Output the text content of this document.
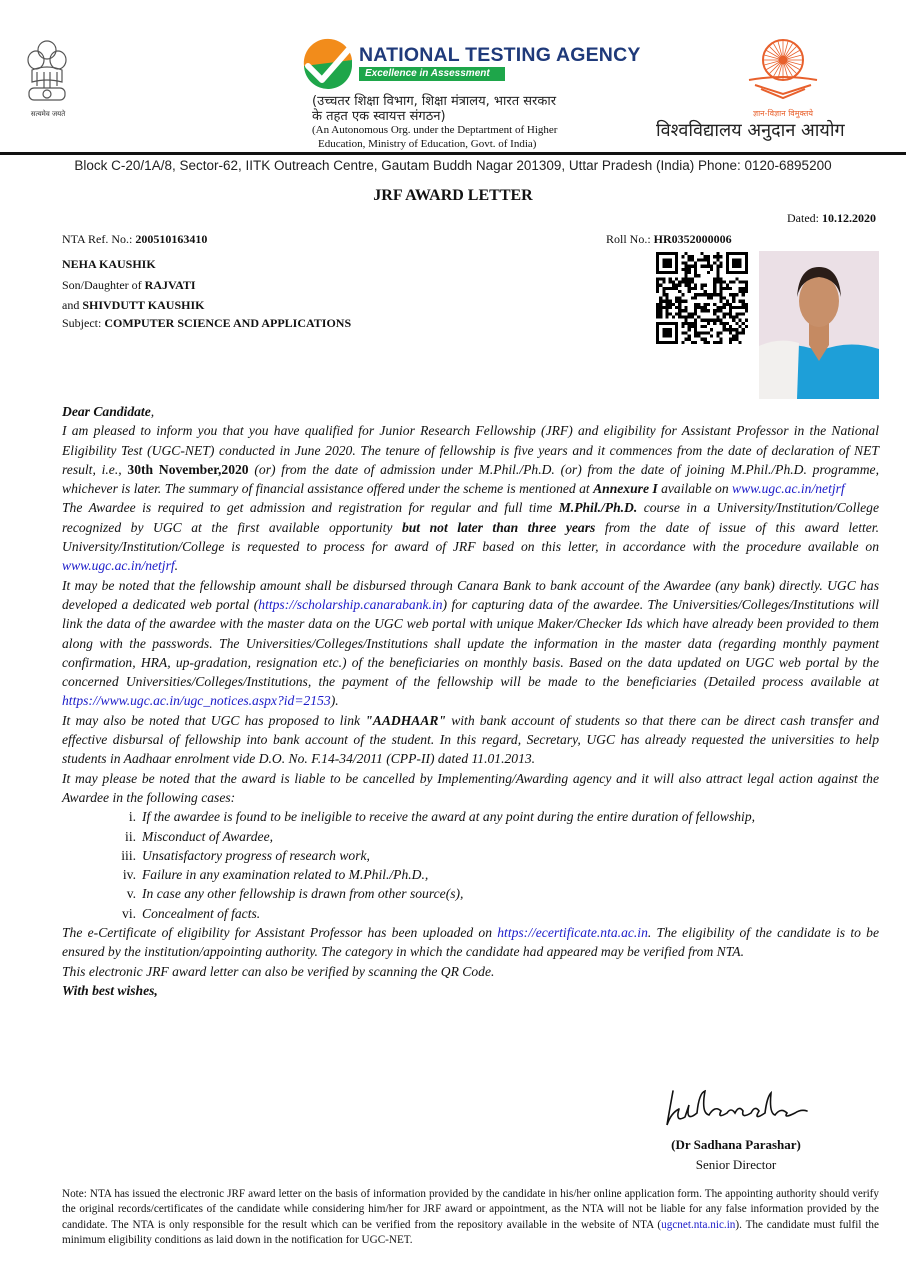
सत्यमेव जयते
NATIONAL TESTING AGENCY
Excellence in Assessment
(उच्चतर शिक्षा विभाग, शिक्षा मंत्रालय, भारत सरकार
के तहत एक स्वायत्त संगठन)
(An Autonomous Org. under the Deptartment of Higher
Education, Ministry of Education, Govt. of India)
ज्ञान-विज्ञान विमुक्तये
विश्वविद्यालय अनुदान आयोग
Block C-20/1A/8, Sector-62, IITK Outreach Centre, Gautam Buddh Nagar 201309, Uttar Pradesh (India) Phone: 0120-6895200
JRF AWARD LETTER
Dated: 10.12.2020
NTA Ref. No.: 200510163410	Roll No.: HR0352000006
NEHA KAUSHIK
Son/Daughter of RAJVATI
and SHIVDUTT KAUSHIK
Subject: COMPUTER SCIENCE AND APPLICATIONS

Dear Candidate,

I am pleased to inform you that you have qualified for Junior Research Fellowship (JRF) and eligibility for Assistant Professor in the National Eligibility Test (UGC-NET) conducted in June 2020. The tenure of fellowship is five years and it commences from the date of declaration of NET result, i.e., 30th November,2020 (or) from the date of admission under M.Phil./Ph.D. (or) from the date of joining M.Phil./Ph.D. programme, whichever is later. The summary of financial assistance offered under the scheme is mentioned at Annexure I available on www.ugc.ac.in/netjrf

The Awardee is required to get admission and registration for regular and full time M.Phil./Ph.D. course in a University/Institution/College recognized by UGC at the first available opportunity but not later than three years from the date of issue of this award letter. University/Institution/College is requested to process for award of JRF based on this letter, in accordance with the procedure available on www.ugc.ac.in/netjrf.

It may be noted that the fellowship amount shall be disbursed through Canara Bank to bank account of the Awardee (any bank) directly. UGC has developed a dedicated web portal (https://scholarship.canarabank.in) for capturing data of the awardee. The Universities/Colleges/Institutions will link the data of the awardee with the master data on the UGC web portal with unique Maker/Checker Ids which have already been provided to them along with the passwords. The Universities/Colleges/Institutions shall update the information in the master data (regarding monthly payment confirmation, HRA, up-gradation, resignation etc.) of the beneficiaries on monthly basis. Based on the data updated on UGC web portal by the concerned Universities/Colleges/Institutions, the payment of the fellowship will be made to the beneficiaries (Detailed process available at https://www.ugc.ac.in/ugc_notices.aspx?id=2153).

It may also be noted that UGC has proposed to link "AADHAAR" with bank account of students so that there can be direct cash transfer and effective disbursal of fellowship into bank account of the student. In this regard, Secretary, UGC has already requested the universities to help students in Aadhaar enrolment vide D.O. No. F.14-34/2011 (CPP-II) dated 11.01.2013.

It may please be noted that the award is liable to be cancelled by Implementing/Awarding agency and it will also attract legal action against the Awardee in the following cases:

i. If the awardee is found to be ineligible to receive the award at any point during the entire duration of fellowship,
ii. Misconduct of Awardee,
iii. Unsatisfactory progress of research work,
iv. Failure in any examination related to M.Phil./Ph.D.,
v. In case any other fellowship is drawn from other source(s),
vi. Concealment of facts.

The e-Certificate of eligibility for Assistant Professor has been uploaded on https://ecertificate.nta.ac.in. The eligibility of the candidate is to be ensured by the institution/appointing authority. The category in which the candidate had appeared may be verified from NTA.

This electronic JRF award letter can also be verified by scanning the QR Code.

With best wishes,

(Dr Sadhana Parashar)
Senior Director
Note: NTA has issued the electronic JRF award letter on the basis of information provided by the candidate in his/her online application form. The appointing authority should verify the original records/certificates of the candidate while considering him/her for JRF award or appointment, as the NTA will not be liable for any false information provided by the candidate. The NTA is only responsible for the result which can be verified from the repository available in the website of NTA (ugcnet.nta.nic.in). The candidate must fulfil the minimum eligibility conditions as laid down in the notification for UGC-NET.
